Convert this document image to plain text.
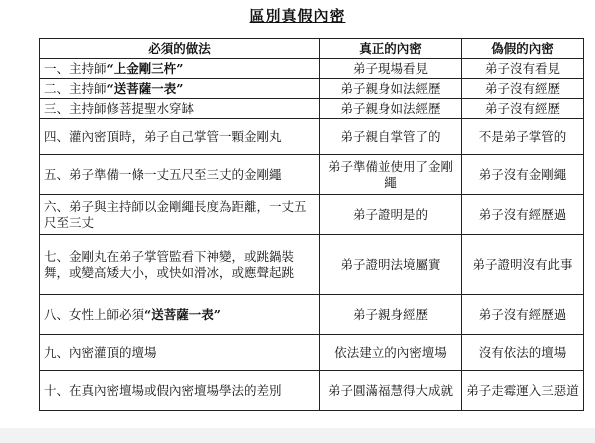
區別真假內密
必須的做法	真正的內密	偽假的內密
一、主持師“上金剛三杵”	弟子現場看見	弟子沒有看見
二、主持師“送菩薩一表”	弟子親身如法經歷	弟子沒有經歷
三、主持師修菩提聖水穿缽	弟子親身如法經歷	弟子沒有經歷
四、灌內密頂時，弟子自己掌管一顆金剛丸	弟子親自掌管了的	不是弟子掌管的
五、弟子準備一條一丈五尺至三丈的金剛繩	弟子準備並使用了金剛繩	弟子沒有金剛繩
六、弟子與主持師以金剛繩長度為距離，一丈五尺至三丈	弟子證明是的	弟子沒有經歷過
七、金剛丸在弟子掌管監看下神變，或跳鍋裝舞，或變高矮大小，或快如滑冰，或應聲起跳	弟子證明法境屬實	弟子證明沒有此事
八、女性上師必須“送菩薩一表”	弟子親身經歷	弟子沒有經歷過
九、內密灌頂的壇場	依法建立的內密壇場	沒有依法的壇場
十、在真內密壇場或假內密壇場學法的差別	弟子圓滿福慧得大成就	弟子走霉運入三惡道
